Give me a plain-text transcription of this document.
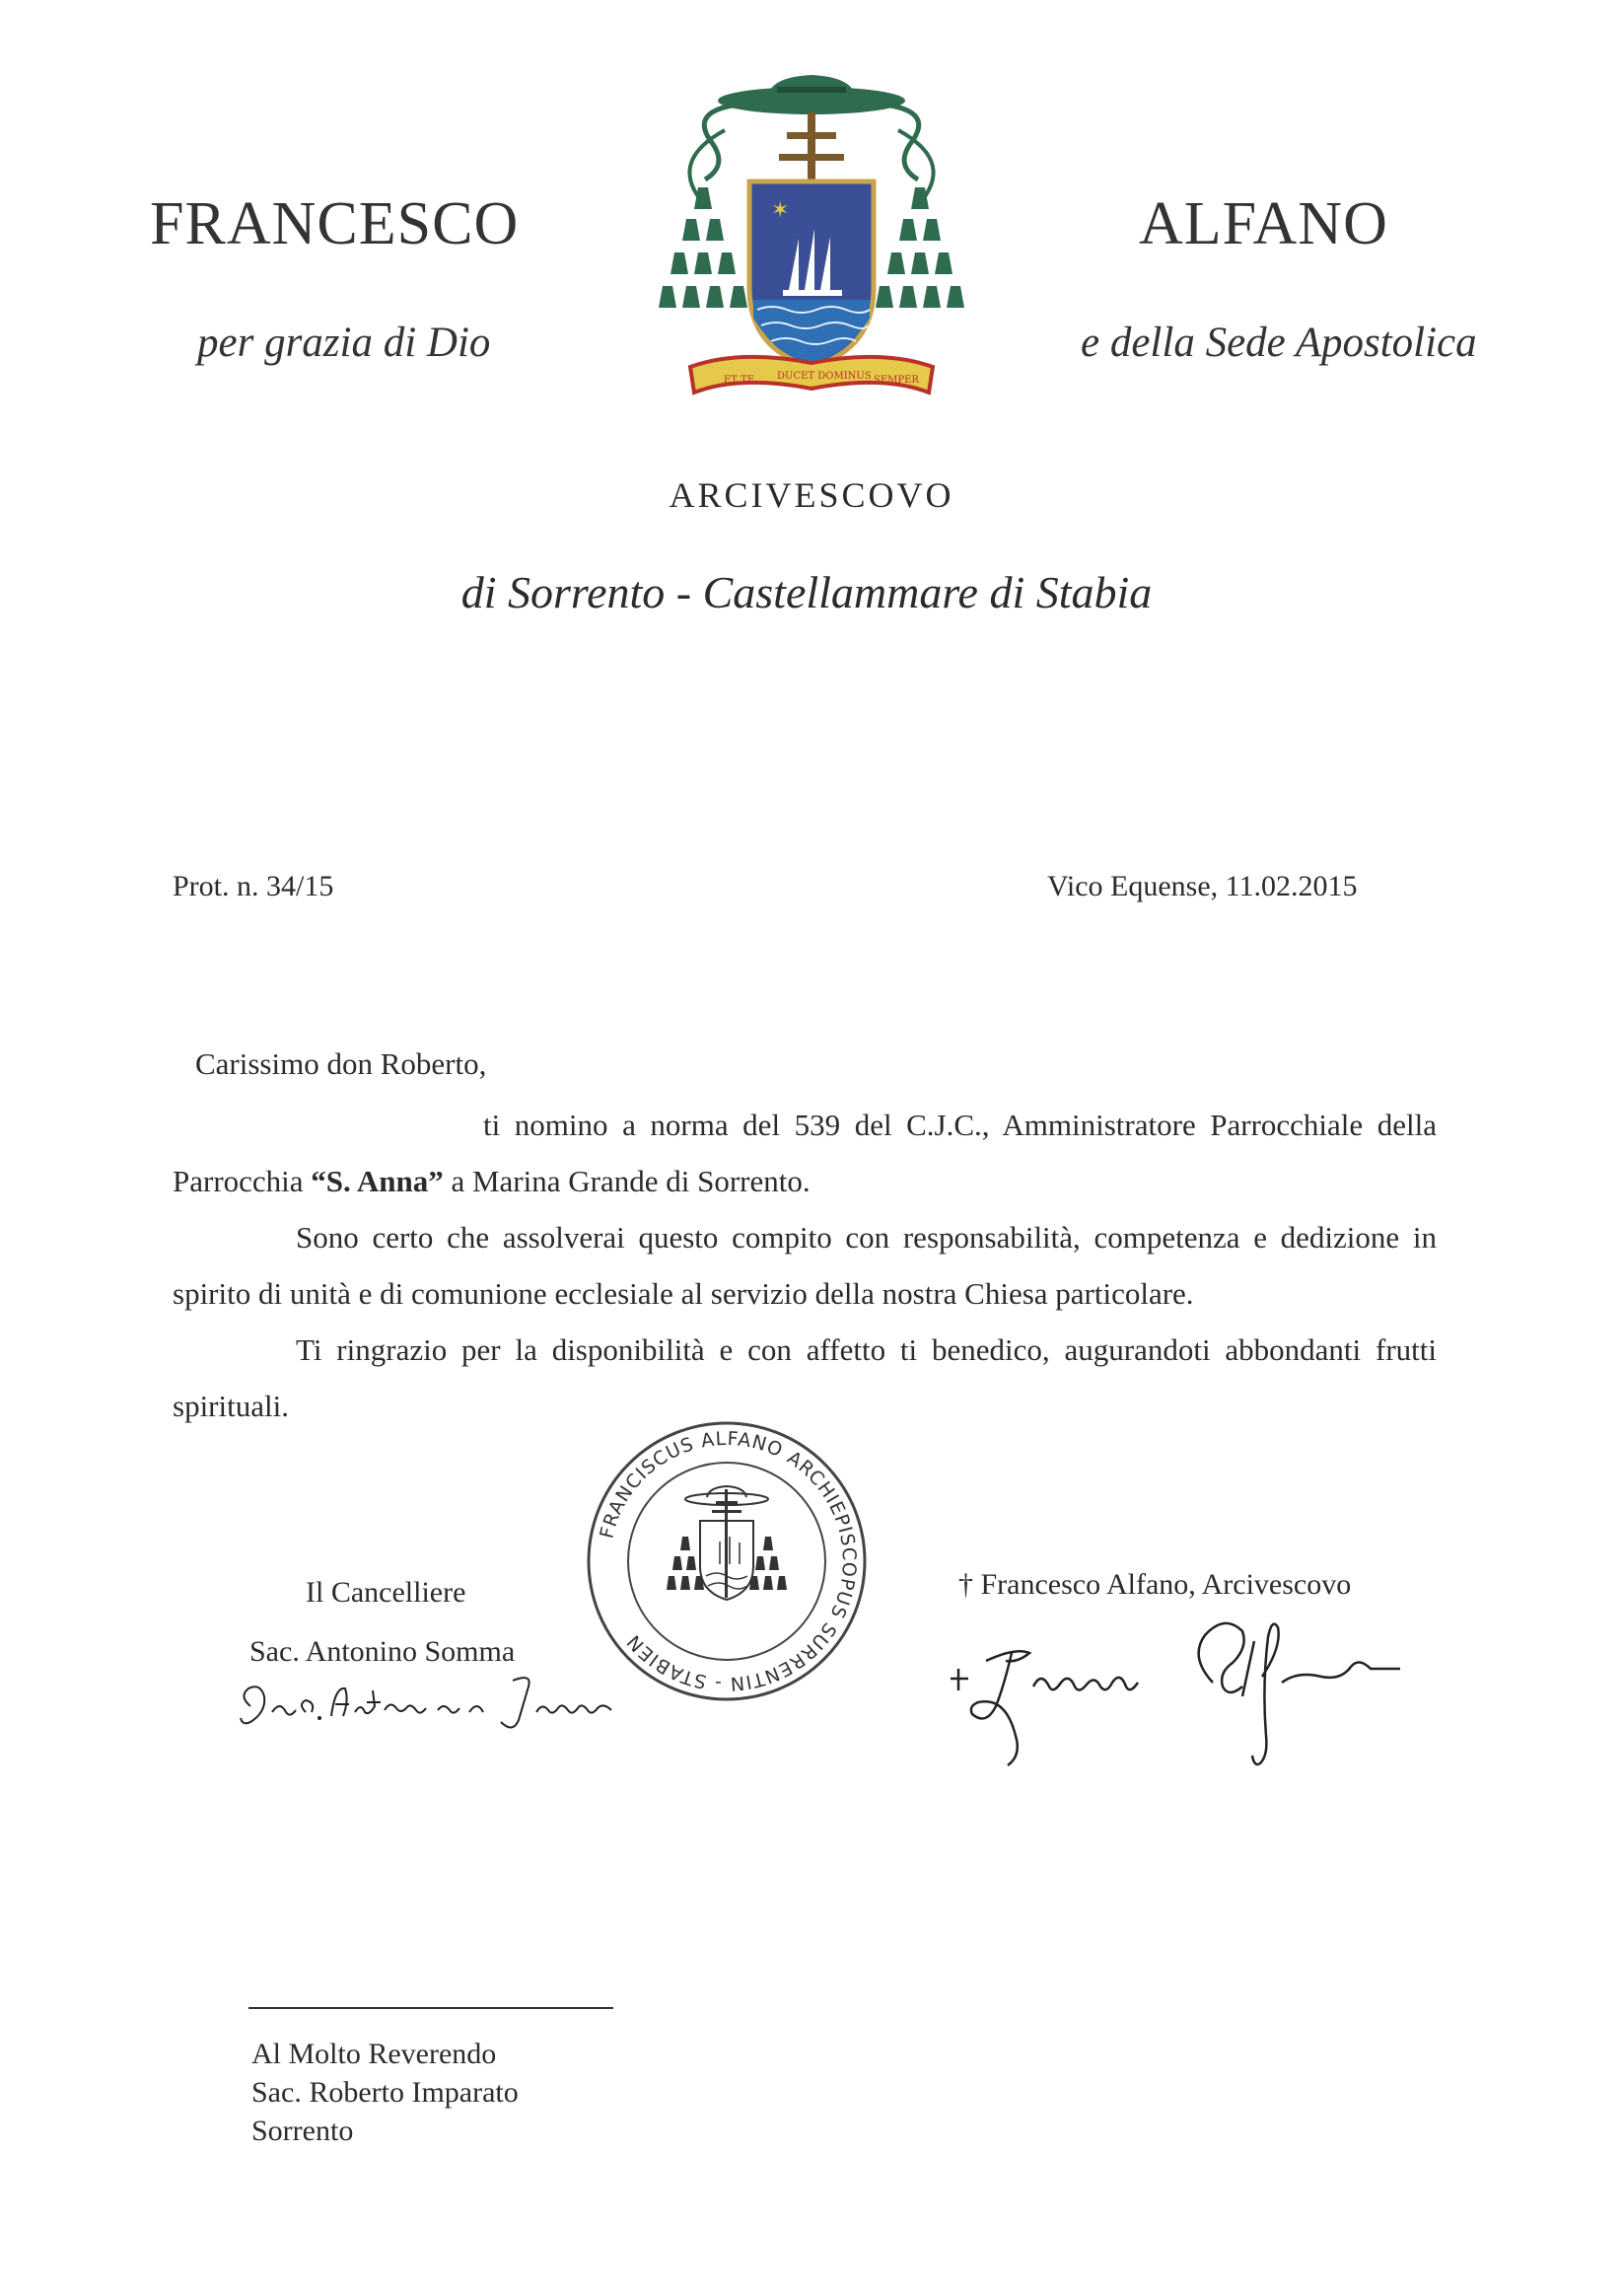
FRANCESCO	ALFANO
per grazia di Dio	e della Sede Apostolica
✶
ET TE DUCET DOMINUS SEMPER
ARCIVESCOVO
di Sorrento - Castellammare di Stabia
Prot. n. 34/15	Vico Equense, 11.02.2015
Carissimo don Roberto,

ti nomino a norma del 539 del C.J.C., Amministratore Parrocchiale della Parrocchia “S. Anna” a Marina Grande di Sorrento.

Sono certo che assolverai questo compito con responsabilità, competenza e dedizione in spirito di unità e di comunione ecclesiale al servizio della nostra Chiesa particolare.

Ti ringrazio per la disponibilità e con affetto ti benedico, augurandoti abbondanti frutti spirituali.

FRANCISCUS ALFANO ARCHIEPISCOPUS SURRENTIN - STABIEN
Il Cancelliere
Sac. Antonino Somma
† Francesco Alfano, Arcivescovo
Al Molto Reverendo
Sac. Roberto Imparato
Sorrento
